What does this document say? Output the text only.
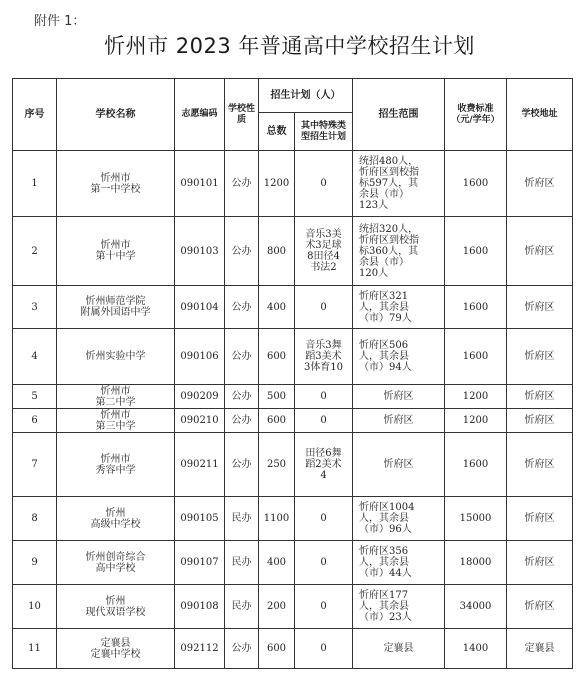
附件 1：
忻州市 2023 年普通高中学校招生计划
序号	学校名称	志愿编码	学校性质	招生计划（人）		招生范围	收费标准（元/学年）	学校地址
				总数	其中特殊类型招生计划			
1	忻州市
第一中学校	090101	公办	1200	0	统招480人，
忻府区到校指
标597人，其
余县（市）
123人	1600	忻府区
2	忻州市
第十中学	090103	公办	800	音乐3美
术3足球
8田径4
书法2	统招320人，
忻府区到校指
标360人，其
余县（市）
120人	1600	忻府区
3	忻州师范学院
附属外国语中学	090104	公办	400	0	忻府区321
人，其余县
（市）79人	1600	忻府区
4	忻州实验中学	090106	公办	600	音乐3舞
蹈3美术
3体育10	忻府区506
人，其余县
（市）94人	1600	忻府区
5	忻州市
第二中学	090209	公办	500	0	忻府区	1200	忻府区
6	忻州市
第三中学	090210	公办	600	0	忻府区	1200	忻府区
7	忻州市
秀容中学	090211	公办	250	田径6舞
蹈2美术
4	忻府区	1600	忻府区
8	忻州
高级中学校	090105	民办	1100	0	忻府区1004
人，其余县
（市）96人	15000	忻府区
9	忻州创奇综合
高中学校	090107	民办	400	0	忻府区356
人，其余县
（市）44人	18000	忻府区
10	忻州
现代双语学校	090108	民办	200	0	忻府区177
人，其余县
（市）23人	34000	忻府区
11	定襄县
定襄中学校	092112	公办	600	0	定襄县	1400	定襄县
